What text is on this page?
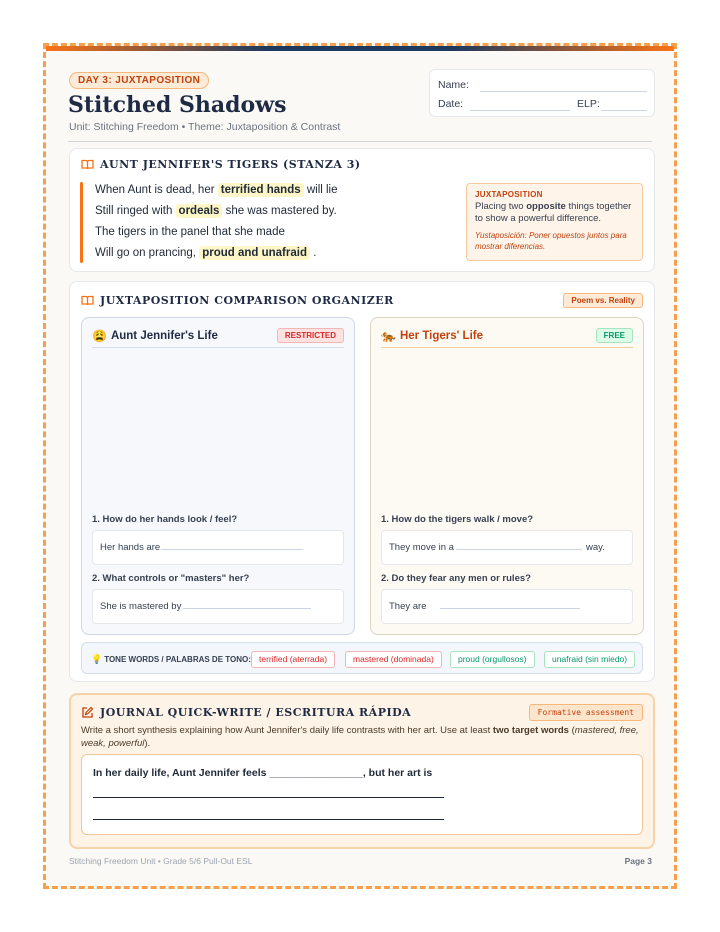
DAY 3: JUXTAPOSITION
Stitched Shadows
Unit: Stitching Freedom • Theme: Juxtaposition & Contrast
Name:
Date:	ELP:
AUNT JENNIFER'S TIGERS (STANZA 3)
When Aunt is dead, her terrified hands will lie
Still ringed with ordeals she was mastered by.
The tigers in the panel that she made
Will go on prancing, proud and unafraid .
JUXTAPOSITION
Placing two opposite things together to show a powerful difference.
Yustaposición: Poner opuestos juntos para mostrar diferencias.
JUXTAPOSITION COMPARISON ORGANIZER	Poem vs. Reality
😩 Aunt Jennifer's Life	RESTRICTED
1. How do her hands look / feel?
Her hands are
2. What controls or "masters" her?
She is mastered by
🐅 Her Tigers' Life	FREE
1. How do the tigers walk / move?
They move in a	way.
2. Do they fear any men or rules?
They are
💡 TONE WORDS / PALABRAS DE TONO: terrified (aterrada)	mastered (dominada)	proud (orgullosos)	unafraid (sin miedo)
JOURNAL QUICK-WRITE / ESCRITURA RÁPIDA	Formative assessment
Write a short synthesis explaining how Aunt Jennifer's daily life contrasts with her art. Use at least two target words (mastered, free, weak, powerful).
In her daily life, Aunt Jennifer feels ________________, but her art is
Stitching Freedom Unit • Grade 5/6 Pull-Out ESL	Page 3
